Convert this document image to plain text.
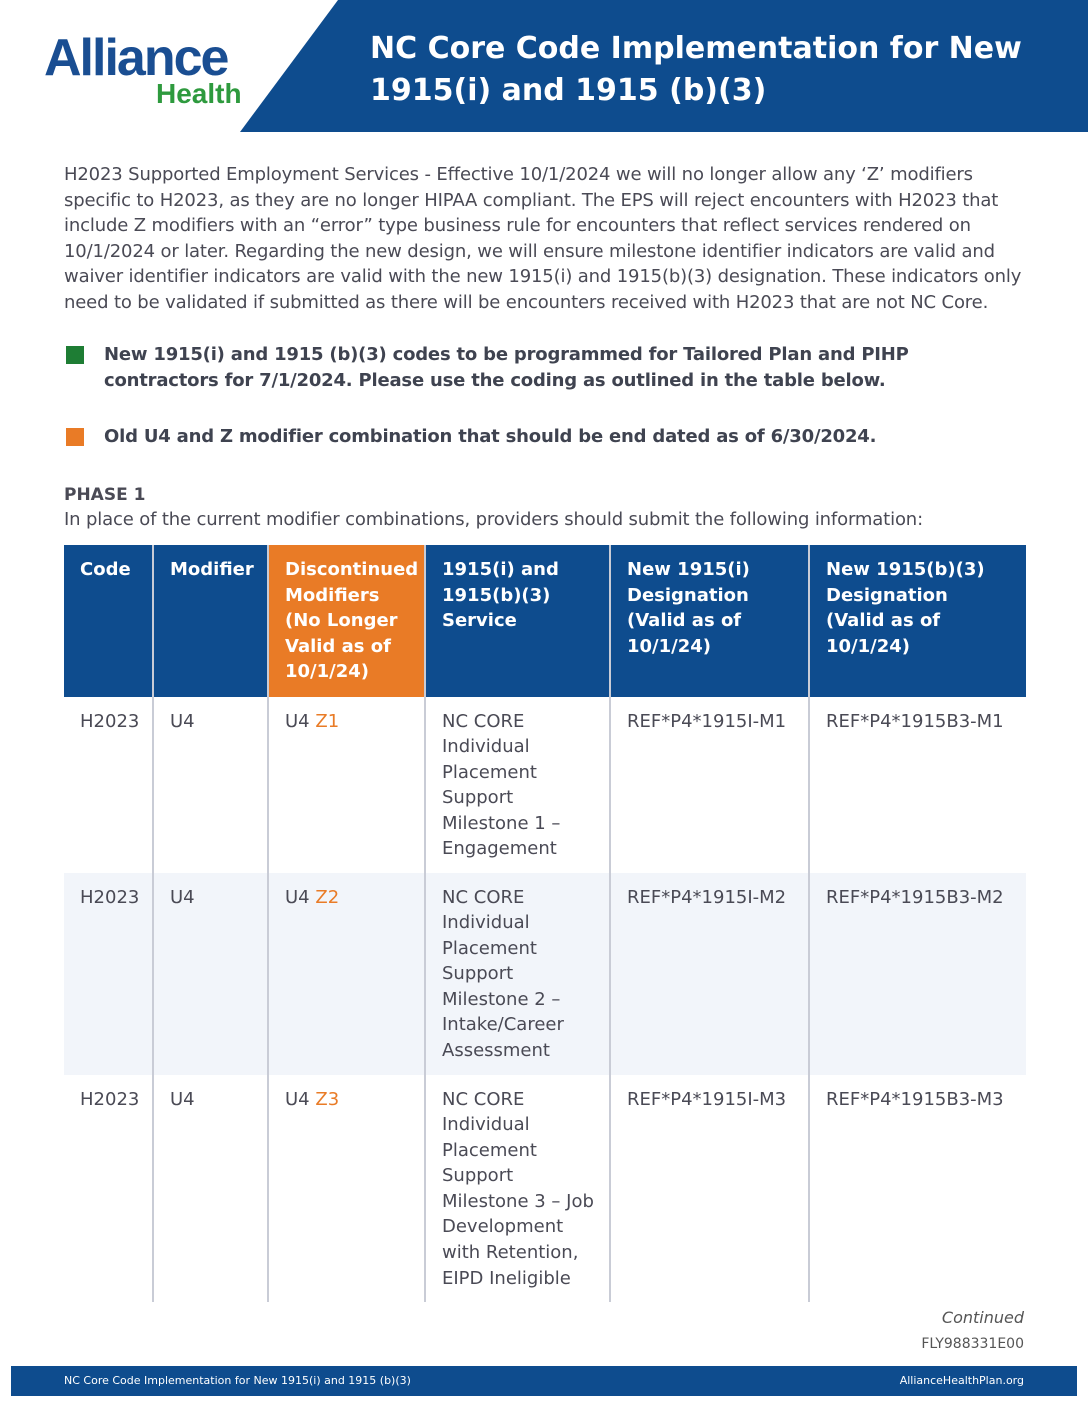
Alliance
Health
NC Core Code Implementation for New 1915(i) and 1915 (b)(3)

H2023 Supported Employment Services - Effective 10/1/2024 we will no longer allow any ‘Z’ modifiers specific to H2023, as they are no longer HIPAA compliant. The EPS will reject encounters with H2023 that include Z modifiers with an “error” type business rule for encounters that reflect services rendered on 10/1/2024 or later. Regarding the new design, we will ensure milestone identifier indicators are valid and waiver identifier indicators are valid with the new 1915(i) and 1915(b)(3) designation. These indicators only need to be validated if submitted as there will be encounters received with H2023 that are not NC Core.

New 1915(i) and 1915 (b)(3) codes to be programmed for Tailored Plan and PIHP contractors for 7/1/2024. Please use the coding as outlined in the table below.
Old U4 and Z modifier combination that should be end dated as of 6/30/2024.
PHASE 1
In place of the current modifier combinations, providers should submit the following information:
Code	Modifier	Discontinued Modifiers (No Longer Valid as of 10/1/24)	1915(i) and 1915(b)(3) Service	New 1915(i) Designation (Valid as of 10/1/24)	New 1915(b)(3) Designation (Valid as of 10/1/24)
H2023	U4	U4 Z1	NC CORE Individual Placement Support Milestone 1 – Engagement	REF*P4*1915I-M1	REF*P4*1915B3-M1
H2023	U4	U4 Z2	NC CORE Individual Placement Support Milestone 2 – Intake/Career Assessment	REF*P4*1915I-M2	REF*P4*1915B3-M2
H2023	U4	U4 Z3	NC CORE Individual Placement Support Milestone 3 – Job Development with Retention, EIPD Ineligible	REF*P4*1915I-M3	REF*P4*1915B3-M3
Continued
FLY988331E00
NC Core Code Implementation for New 1915(i) and 1915 (b)(3)	AllianceHealthPlan.org
